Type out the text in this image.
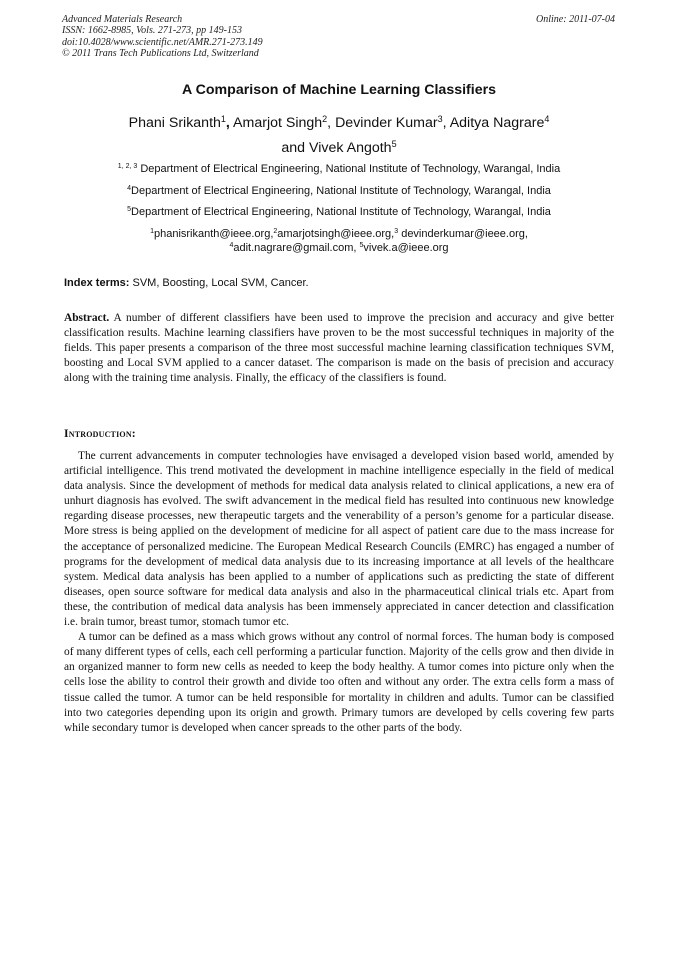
Advanced Materials Research
ISSN: 1662-8985, Vols. 271-273, pp 149-153
doi:10.4028/www.scientific.net/AMR.271-273.149
© 2011 Trans Tech Publications Ltd, Switzerland
Online: 2011-07-04
A Comparison of Machine Learning Classifiers
Phani Srikanth$^1$, Amarjot Singh$^2$, Devinder Kumar$^3$, Aditya Nagrare$^4$
and Vivek Angoth$^5$
$^{1, 2, 3}$ Department of Electrical Engineering, National Institute of Technology, Warangal, India
$^4$Department of Electrical Engineering, National Institute of Technology, Warangal, India
$^5$Department of Electrical Engineering, National Institute of Technology, Warangal, India
$^1$phanisrikanth@ieee.org,$^2$amarjotsingh@ieee.org,$^3$ devinderkumar@ieee.org,
$^4$adit.nagrare@gmail.com, $^5$vivek.a@ieee.org
Index terms: SVM, Boosting, Local SVM, Cancer.

Abstract. A number of different classifiers have been used to improve the precision and accuracy and give better classification results. Machine learning classifiers have proven to be the most successful techniques in majority of the fields. This paper presents a comparison of the three most successful machine learning classification techniques SVM, boosting and Local SVM applied to a cancer dataset. The comparison is made on the basis of precision and accuracy along with the training time analysis. Finally, the efficacy of the classifiers is found.

Introduction:

The current advancements in computer technologies have envisaged a developed vision based world, amended by artificial intelligence. This trend motivated the development in machine intelligence especially in the field of medical data analysis. Since the development of methods for medical data analysis related to clinical applications, a new era of unhurt diagnosis has evolved. The swift advancement in the medical field has resulted into continuous new knowledge regarding disease processes, new therapeutic targets and the venerability of a person’s genome for a particular disease. More stress is being applied on the development of medicine for all aspect of patient care due to the mass increase for the acceptance of personalized medicine. The European Medical Research Councils (EMRC) has engaged a number of programs for the development of medical data analysis due to its increasing importance at all levels of the healthcare system. Medical data analysis has been applied to a number of applications such as predicting the state of different diseases, open source software for medical data analysis and also in the pharmaceutical clinical trials etc. Apart from these, the contribution of medical data analysis has been immensely appreciated in cancer detection and classification i.e. brain tumor, breast tumor, stomach tumor etc.

A tumor can be defined as a mass which grows without any control of normal forces. The human body is composed of many different types of cells, each cell performing a particular function. Majority of the cells grow and then divide in an organized manner to form new cells as needed to keep the body healthy. A tumor comes into picture only when the cells lose the ability to control their growth and divide too often and without any order. The extra cells form a mass of tissue called the tumor. A tumor can be held responsible for mortality in children and adults. Tumor can be classified into two categories depending upon its origin and growth. Primary tumors are developed by cells covering few parts while secondary tumor is developed when cancer spreads to the other parts of the body.
